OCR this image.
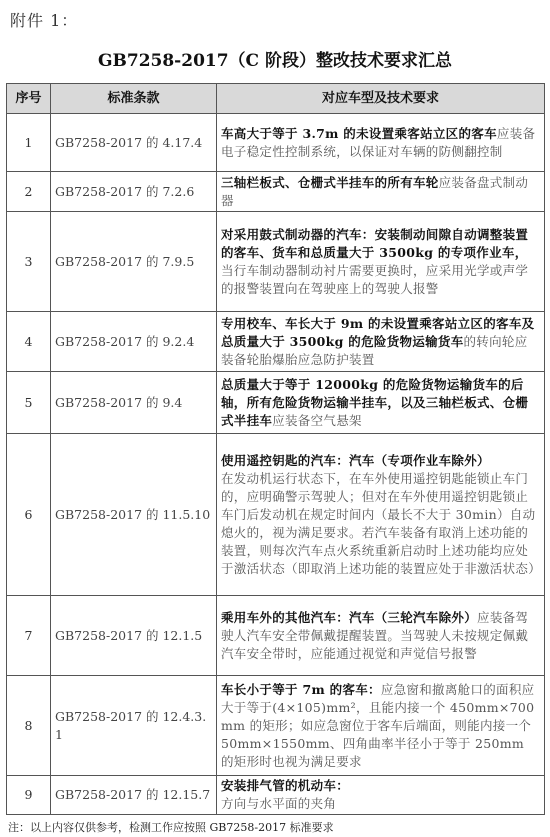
附件 1：
GB7258-2017（C 阶段）整改技术要求汇总
序号	标准条款	对应车型及技术要求
1	GB7258-2017 的 4.17.4	车高大于等于 3.7m 的未设置乘客站立区的客车应装备电子稳定性控制系统，以保证对车辆的防侧翻控制
2	GB7258-2017 的 7.2.6	三轴栏板式、仓栅式半挂车的所有车轮应装备盘式制动器
3	GB7258-2017 的 7.9.5	对采用鼓式制动器的汽车：安装制动间隙自动调整装置的客车、货车和总质量大于 3500kg 的专项作业车，当行车制动器制动衬片需要更换时，应采用光学或声学的报警装置向在驾驶座上的驾驶人报警
4	GB7258-2017 的 9.2.4	专用校车、车长大于 9m 的未设置乘客站立区的客车及总质量大于 3500kg 的危险货物运输货车的转向轮应装备轮胎爆胎应急防护装置
5	GB7258-2017 的 9.4	总质量大于等于 12000kg 的危险货物运输货车的后轴，所有危险货物运输半挂车，以及三轴栏板式、仓栅式半挂车应装备空气悬架
6	GB7258-2017 的 11.5.10	使用遥控钥匙的汽车：汽车（专项作业车除外）
在发动机运行状态下，在车外使用遥控钥匙能锁止车门的，应明确警示驾驶人；但对在车外使用遥控钥匙锁止车门后发动机在规定时间内（最长不大于 30min）自动熄火的，视为满足要求。若汽车装备有取消上述功能的装置，则每次汽车点火系统重新启动时上述功能均应处于激活状态（即取消上述功能的装置应处于非激活状态）
7	GB7258-2017 的 12.1.5	乘用车外的其他汽车：汽车（三轮汽车除外）应装备驾驶人汽车安全带佩戴提醒装置。当驾驶人未按规定佩戴汽车安全带时，应能通过视觉和声觉信号报警
8	GB7258-2017 的 12.4.3.1	车长小于等于 7m 的客车：应急窗和撤离舱口的面积应大于等于(4×105)mm²，且能内接一个 450mm×700mm 的矩形；如应急窗位于客车后端面，则能内接一个 50mm×1550mm、四角曲率半径小于等于 250mm 的矩形时也视为满足要求
9	GB7258-2017 的 12.15.7	安装排气管的机动车：
方向与水平面的夹角
注：以上内容仅供参考，检测工作应按照 GB7258-2017 标准要求
